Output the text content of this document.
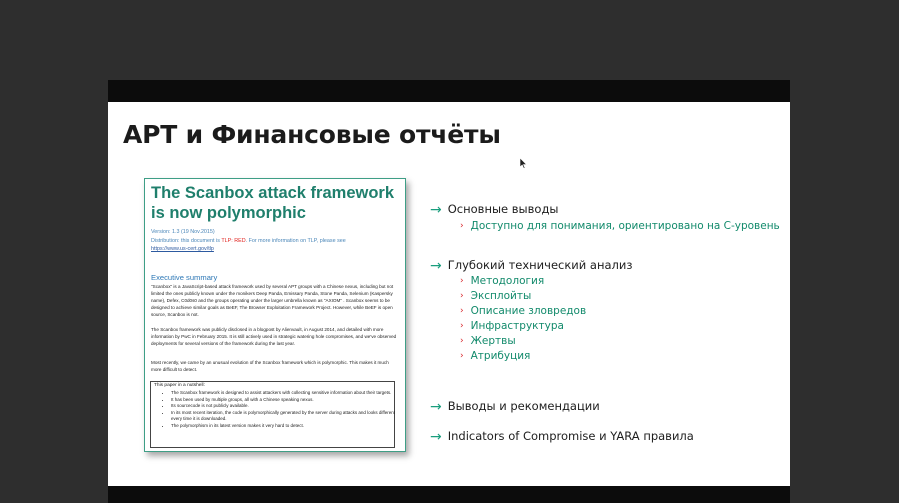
APT и Финансовые отчёты
The Scanbox attack framework is now polymorphic
Version: 1.3 (19 Nov.2015)
Distribution: this document is TLP: RED. For more information on TLP, please see
https://www.us-cert.gov/tlp
Executive summary
"Scanbox" is a JavaScript-based attack framework used by several APT groups with a Chinese nexus, including but not limited the ones publicly known under the monikers Deep Panda, Emissary Panda, Stone Panda, Selenium (Kaspersky name), Defex, C0d0s0 and the groups operating under the larger umbrella known as "AXIOM" . Scanbox seems to be designed to achieve similar goals as BeEF, The Browser Exploitation Framework Project. However, while BeEF is open source, Scanbox is not.
The Scanbox framework was publicly disclosed in a blogpost by Alienvault, in August 2014, and detailed with more information by PwC in February 2015. It is still actively used in strategic watering hole compromises, and we've observed deployments for several versions of the framework during the last year.
Most recently, we came by an unusual evolution of the Scanbox framework which is polymorphic. This makes it much more difficult to detect.
This paper in a nutshell:
• The Scanbox framework is designed to assist attackers with collecting sensitive information about their targets.
• It has been used by multiple groups, all with a Chinese speaking nexus.
• Its sourcecode is not publicly available.
• In its most recent iteration, the code is polymorphically generated by the server during attacks and looks different every time it is downloaded.
• The polymorphism in its latest version makes it very hard to detect.
→ Основные выводы
› Доступно для понимания, ориентировано на С-уровень
→ Глубокий технический анализ
› Методология
› Эксплойты
› Описание зловредов
› Инфраструктура
› Жертвы
› Атрибуция
→ Выводы и рекомендации
→ Indicators of Compromise и YARA правила
